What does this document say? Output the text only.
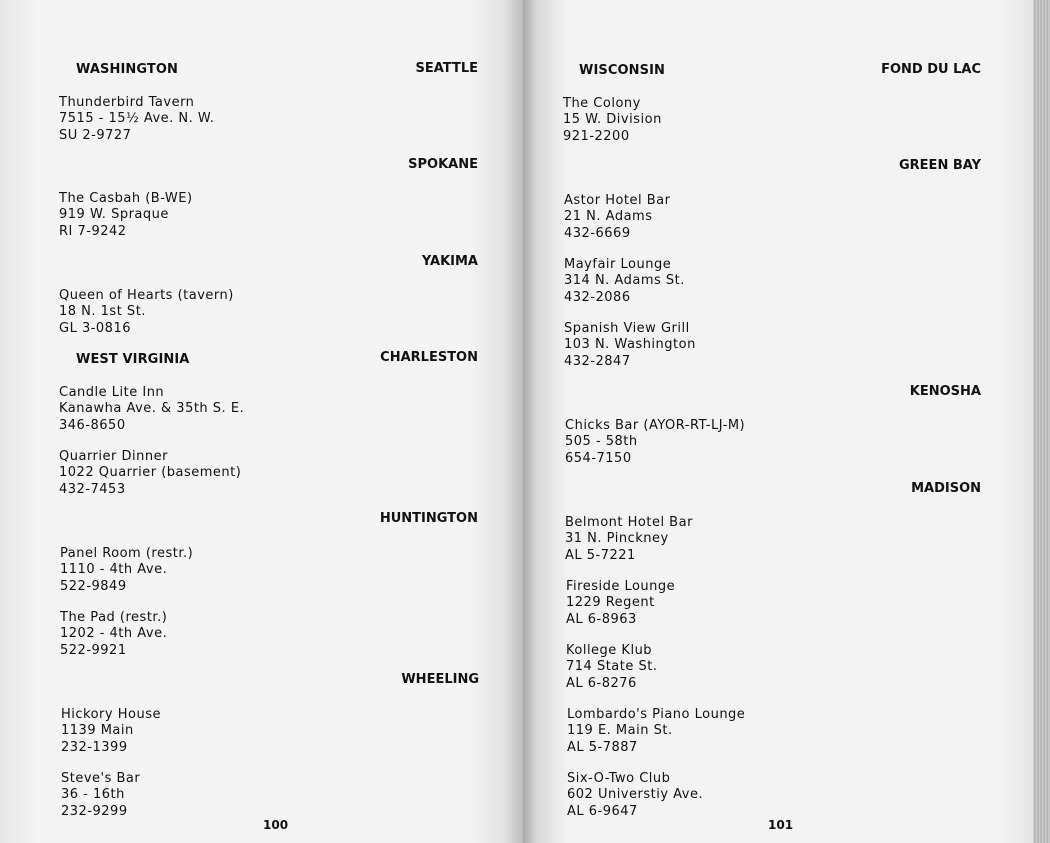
WASHINGTON	SEATTLE
Thunderbird Tavern
7515 - 15½ Ave. N. W.
SU 2-9727
SPOKANE
The Casbah (B-WE)
919 W. Spraque
RI 7-9242
YAKIMA
Queen of Hearts (tavern)
18 N. 1st St.
GL 3-0816
WEST VIRGINIA	CHARLESTON
Candle Lite Inn
Kanawha Ave. & 35th S. E.
346-8650
Quarrier Dinner
1022 Quarrier (basement)
432-7453
HUNTINGTON
Panel Room (restr.)
1110 - 4th Ave.
522-9849
The Pad (restr.)
1202 - 4th Ave.
522-9921
WHEELING
Hickory House
1139 Main
232-1399
Steve's Bar
36 - 16th
232-9299
100
WISCONSIN	FOND DU LAC
The Colony
15 W. Division
921-2200
GREEN BAY
Astor Hotel Bar
21 N. Adams
432-6669
Mayfair Lounge
314 N. Adams St.
432-2086
Spanish View Grill
103 N. Washington
432-2847
KENOSHA
Chicks Bar (AYOR-RT-LJ-M)
505 - 58th
654-7150
MADISON
Belmont Hotel Bar
31 N. Pinckney
AL 5-7221
Fireside Lounge
1229 Regent
AL 6-8963
Kollege Klub
714 State St.
AL 6-8276
Lombardo's Piano Lounge
119 E. Main St.
AL 5-7887
Six-O-Two Club
602 Universtiy Ave.
AL 6-9647
101
